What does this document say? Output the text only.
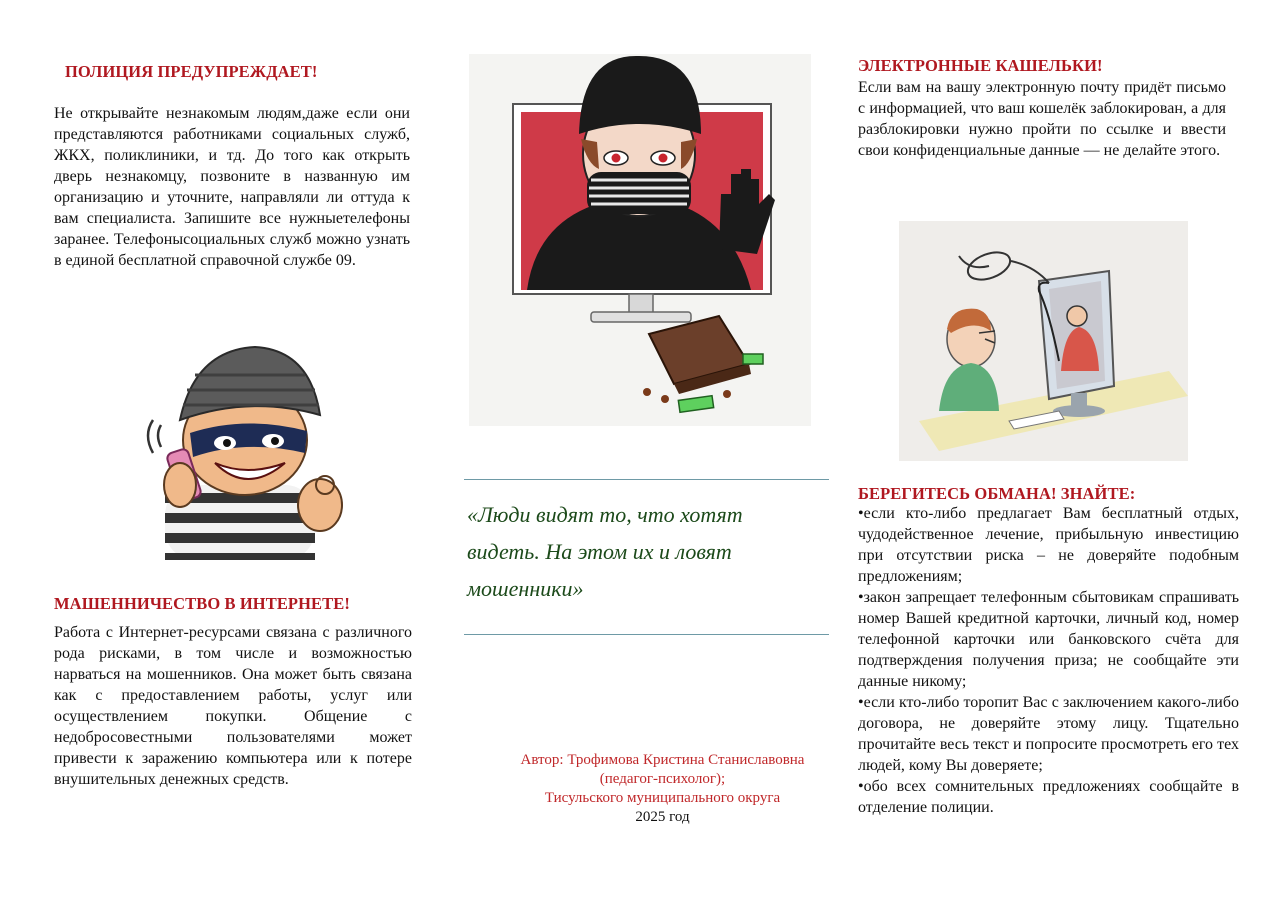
ПОЛИЦИЯ ПРЕДУПРЕЖДАЕТ!

Не открывайте незнакомым людям,даже если они представляются работниками социальных служб, ЖКХ, поликлиники, и тд. До того как открыть дверь незнакомцу, позвоните в названную им организацию и уточните, направляли ли оттуда к вам специалиста. Запишите все нужныетелефоны заранее. Телефонысоциальных служб можно узнать в единой бесплатной справочной службе 09.

МАШЕННИЧЕСТВО В ИНТЕРНЕТЕ!

Работа с Интернет-ресурсами связана с различного рода рисками, в том числе и возможностью нарваться на мошенников. Она может быть связана как с предоставлением работы, услуг или осуществлением покупки. Общение с недобросовестными пользователями может привести к заражению компьютера или к потере внушительных денежных средств.

«Люди видят то, что хотят
видеть. На этом их и ловят
мошенники»
Автор: Трофимова Кристина Станиславовна
(педагог-психолог);
Тисульского муниципального округа
2025 год
ЭЛЕКТРОННЫЕ КАШЕЛЬКИ!

Если вам на вашу электронную почту придёт письмо с информацией, что ваш кошелёк заблокирован, а для разблокировки нужно пройти по ссылке и ввести свои конфиденциальные данные — не делайте этого.

БЕРЕГИТЕСЬ ОБМАНА! ЗНАЙТЕ:

•если кто-либо предлагает Вам бесплатный отдых, чудодейственное лечение, прибыльную инвестицию при отсутствии риска – не доверяйте подобным предложениям;

•закон запрещает телефонным сбытовикам спрашивать номер Вашей кредитной карточки, личный код, номер телефонной карточки или банковского счёта для подтверждения получения приза; не сообщайте эти данные никому;

•если кто-либо торопит Вас с заключением какого-либо договора, не доверяйте этому лицу. Тщательно прочитайте весь текст и попросите просмотреть его тех людей, кому Вы доверяете;

•обо всех сомнительных предложениях сообщайте в отделение полиции.
